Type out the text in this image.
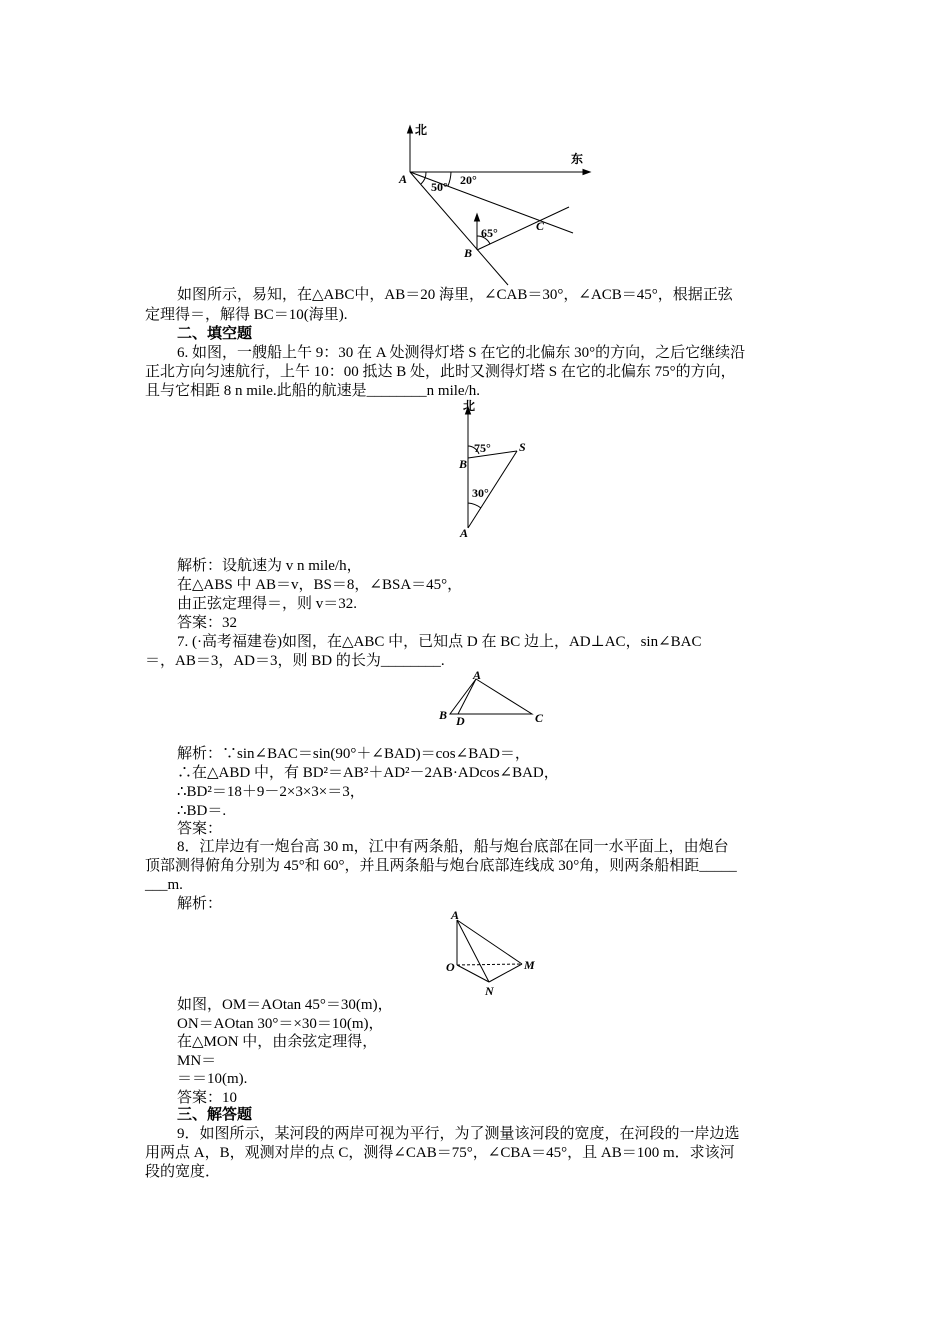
北
东
A
50° 20°
65°	C
B
如图所示，易知，在△ABC中，AB＝20 海里，∠CAB＝30°，∠ACB＝45°，根据正弦
定理得＝，解得 BC＝10(海里).
二、填空题
6. 如图，一艘船上午 9：30 在 A 处测得灯塔 S 在它的北偏东 30°的方向，之后它继续沿
正北方向匀速航行，上午 10：00 抵达 B 处，此时又测得灯塔 S 在它的北偏东 75°的方向，
且与它相距 8 n mile.此船的航速是________n mile/h.
北
75° S
B
30°
A
解析：设航速为 v n mile/h，
在△ABS 中 AB＝v，BS＝8，∠BSA＝45°，
由正弦定理得＝，则 v＝32.
答案：32
7. (·高考福建卷)如图，在△ABC 中，已知点 D 在 BC 边上，AD⊥AC，sin∠BAC
＝，AB＝3，AD＝3，则 BD 的长为________.
A
B D	C
解析：∵sin∠BAC＝sin(90°＋∠BAD)＝cos∠BAD＝，
∴在△ABD 中，有 BD²＝AB²＋AD²－2AB·ADcos∠BAD，
∴BD²＝18＋9－2×3×3×＝3，
∴BD＝.
答案：
8．江岸边有一炮台高 30 m，江中有两条船，船与炮台底部在同一水平面上，由炮台
顶部测得俯角分别为 45°和 60°，并且两条船与炮台底部连线成 30°角，则两条船相距_____
___m.
解析：
A
O	M
N
如图，OM＝AOtan 45°＝30(m)，
ON＝AOtan 30°＝×30＝10(m)，
在△MON 中，由余弦定理得，
MN＝
＝＝10(m).
答案：10
三、解答题
9．如图所示，某河段的两岸可视为平行，为了测量该河段的宽度，在河段的一岸边选
用两点 A，B，观测对岸的点 C，测得∠CAB＝75°，∠CBA＝45°，且 AB＝100 m．求该河
段的宽度．
